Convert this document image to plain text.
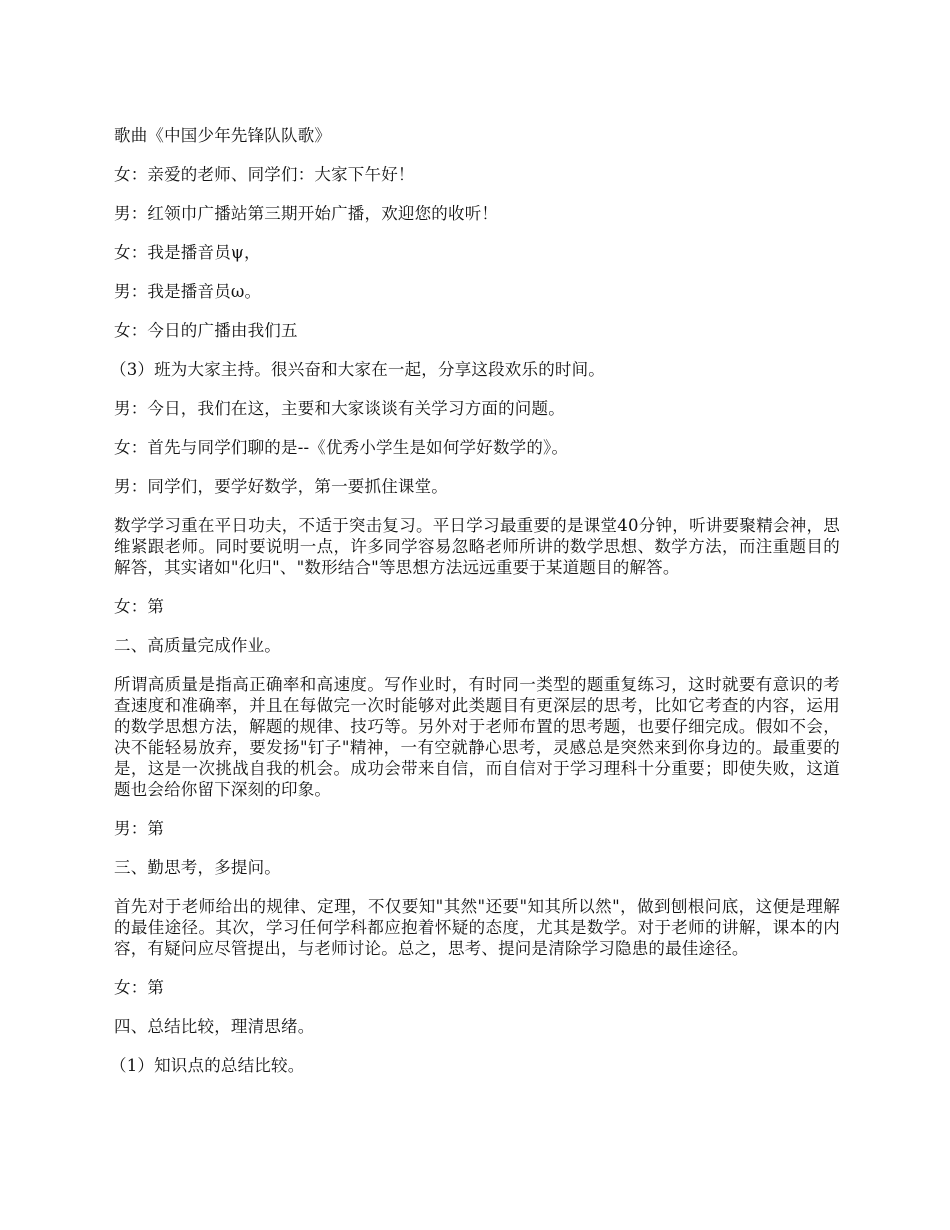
歌曲《中国少年先锋队队歌》

女：亲爱的老师、同学们：大家下午好！

男：红领巾广播站第三期开始广播，欢迎您的收听！

女：我是播音员ψ，

男：我是播音员ω。

女：今日的广播由我们五

（3）班为大家主持。很兴奋和大家在一起，分享这段欢乐的时间。

男：今日，我们在这，主要和大家谈谈有关学习方面的问题。

女：首先与同学们聊的是--《优秀小学生是如何学好数学的》。

男：同学们，要学好数学，第一要抓住课堂。

数学学习重在平日功夫，不适于突击复习。平日学习最重要的是课堂40分钟，听讲要聚精会神，思维紧跟老师。同时要说明一点，许多同学容易忽略老师所讲的数学思想、数学方法，而注重题目的解答，其实诸如"化归"、"数形结合"等思想方法远远重要于某道题目的解答。

女：第

二、高质量完成作业。

所谓高质量是指高正确率和高速度。写作业时，有时同一类型的题重复练习，这时就要有意识的考查速度和准确率，并且在每做完一次时能够对此类题目有更深层的思考，比如它考查的内容，运用的数学思想方法，解题的规律、技巧等。另外对于老师布置的思考题，也要仔细完成。假如不会，决不能轻易放弃，要发扬"钉子"精神，一有空就静心思考，灵感总是突然来到你身边的。最重要的是，这是一次挑战自我的机会。成功会带来自信，而自信对于学习理科十分重要；即使失败，这道题也会给你留下深刻的印象。

男：第

三、勤思考，多提问。

首先对于老师给出的规律、定理，不仅要知"其然"还要"知其所以然"，做到刨根问底，这便是理解的最佳途径。其次，学习任何学科都应抱着怀疑的态度，尤其是数学。对于老师的讲解，课本的内容，有疑问应尽管提出，与老师讨论。总之，思考、提问是清除学习隐患的最佳途径。

女：第

四、总结比较，理清思绪。

（1）知识点的总结比较。
